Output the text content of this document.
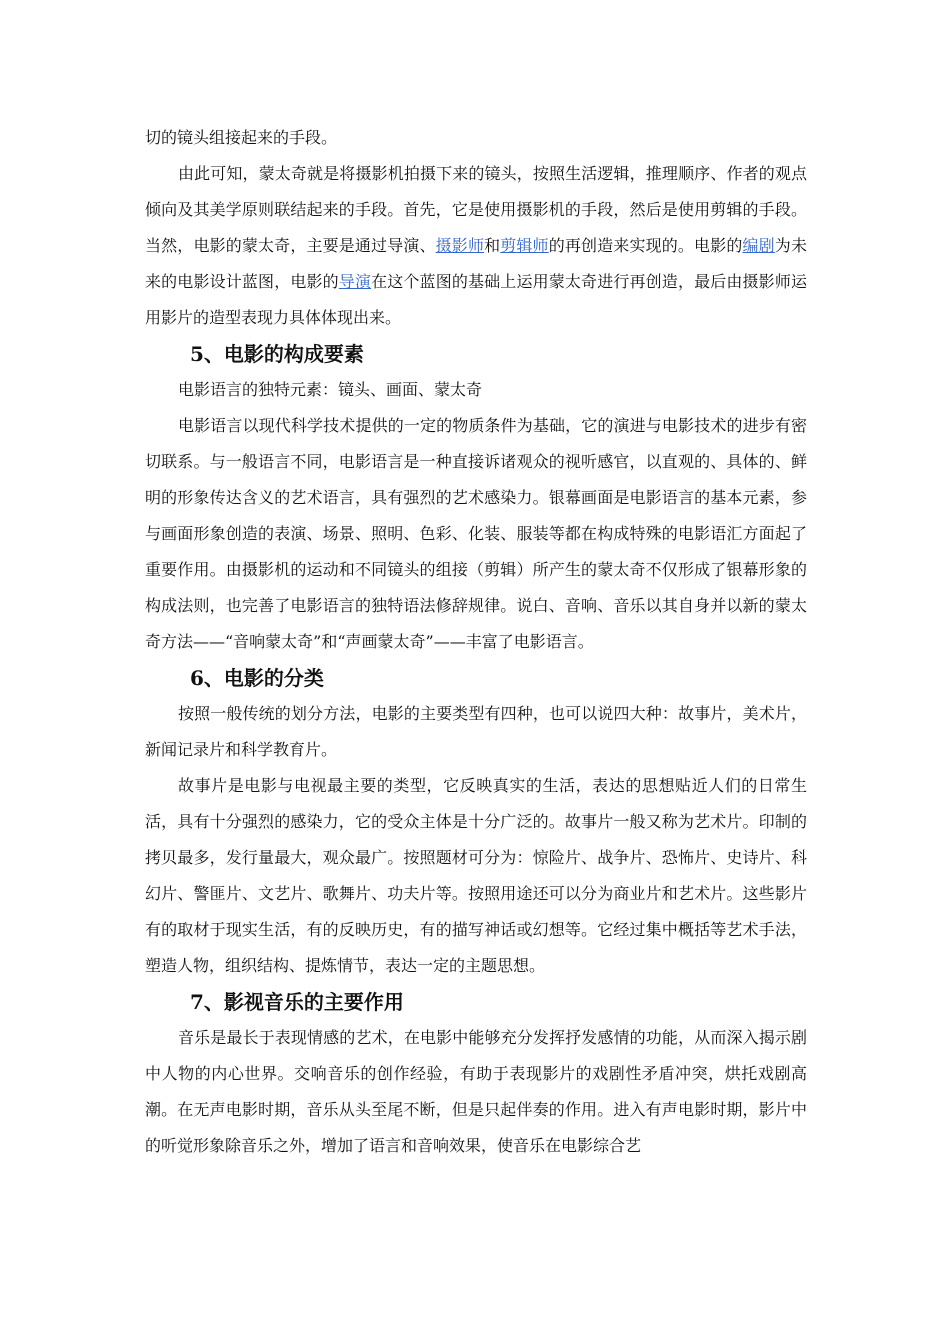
切的镜头组接起来的手段。

由此可知，蒙太奇就是将摄影机拍摄下来的镜头，按照生活逻辑，推理顺序、作者的观点倾向及其美学原则联结起来的手段。首先，它是使用摄影机的手段，然后是使用剪辑的手段。当然，电影的蒙太奇，主要是通过导演、摄影师和剪辑师的再创造来实现的。电影的编剧为未来的电影设计蓝图，电影的导演在这个蓝图的基础上运用蒙太奇进行再创造，最后由摄影师运用影片的造型表现力具体体现出来。

5、电影的构成要素

电影语言的独特元素：镜头、画面、蒙太奇

电影语言以现代科学技术提供的一定的物质条件为基础，它的演进与电影技术的进步有密切联系。与一般语言不同，电影语言是一种直接诉诸观众的视听感官，以直观的、具体的、鲜明的形象传达含义的艺术语言，具有强烈的艺术感染力。银幕画面是电影语言的基本元素，参与画面形象创造的表演、场景、照明、色彩、化装、服装等都在构成特殊的电影语汇方面起了重要作用。由摄影机的运动和不同镜头的组接（剪辑）所产生的蒙太奇不仅形成了银幕形象的构成法则，也完善了电影语言的独特语法修辞规律。说白、音响、音乐以其自身并以新的蒙太奇方法——“音响蒙太奇”和“声画蒙太奇”——丰富了电影语言。

6、电影的分类

按照一般传统的划分方法，电影的主要类型有四种，也可以说四大种：故事片，美术片，新闻记录片和科学教育片。

故事片是电影与电视最主要的类型，它反映真实的生活，表达的思想贴近人们的日常生活，具有十分强烈的感染力，它的受众主体是十分广泛的。故事片一般又称为艺术片。印制的拷贝最多，发行量最大，观众最广。按照题材可分为：惊险片、战争片、恐怖片、史诗片、科幻片、警匪片、文艺片、歌舞片、功夫片等。按照用途还可以分为商业片和艺术片。这些影片有的取材于现实生活，有的反映历史，有的描写神话或幻想等。它经过集中概括等艺术手法，塑造人物，组织结构、提炼情节，表达一定的主题思想。

7、影视音乐的主要作用

音乐是最长于表现情感的艺术，在电影中能够充分发挥抒发感情的功能，从而深入揭示剧中人物的内心世界。交响音乐的创作经验，有助于表现影片的戏剧性矛盾冲突，烘托戏剧高潮。在无声电影时期，音乐从头至尾不断，但是只起伴奏的作用。进入有声电影时期，影片中的听觉形象除音乐之外，增加了语言和音响效果，使音乐在电影综合艺
